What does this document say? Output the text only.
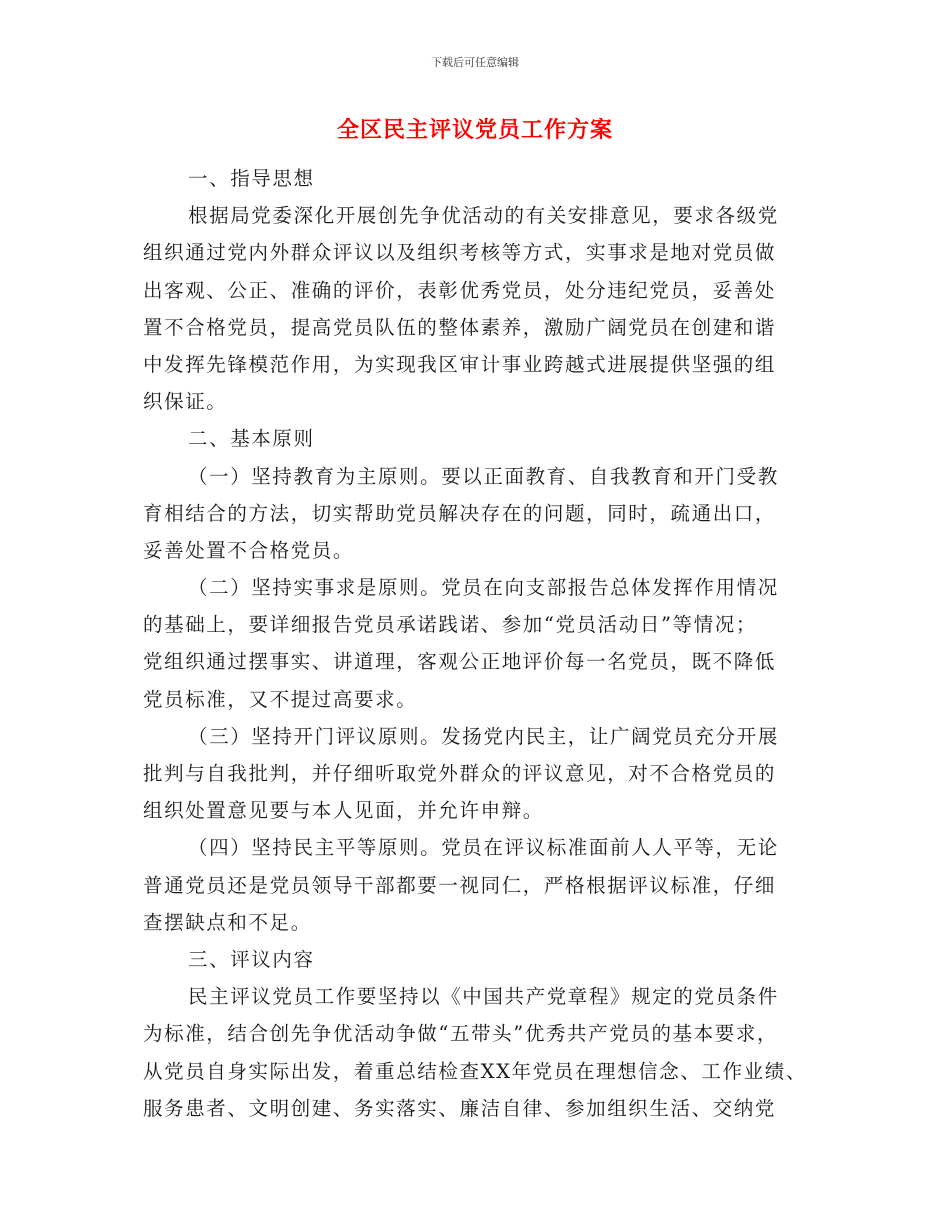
下载后可任意编辑
全区民主评议党员工作方案
一、指导思想
根据局党委深化开展创先争优活动的有关安排意见，要求各级党
组织通过党内外群众评议以及组织考核等方式，实事求是地对党员做
出客观、公正、准确的评价，表彰优秀党员，处分违纪党员，妥善处
置不合格党员，提高党员队伍的整体素养，激励广阔党员在创建和谐
中发挥先锋模范作用，为实现我区审计事业跨越式进展提供坚强的组
织保证。
二、基本原则
（一）坚持教育为主原则。要以正面教育、自我教育和开门受教
育相结合的方法，切实帮助党员解决存在的问题，同时，疏通出口，
妥善处置不合格党员。
（二）坚持实事求是原则。党员在向支部报告总体发挥作用情况
的基础上，要详细报告党员承诺践诺、参加“党员活动日”等情况；
党组织通过摆事实、讲道理，客观公正地评价每一名党员，既不降低
党员标准，又不提过高要求。
（三）坚持开门评议原则。发扬党内民主，让广阔党员充分开展
批判与自我批判，并仔细听取党外群众的评议意见，对不合格党员的
组织处置意见要与本人见面，并允许申辩。
（四）坚持民主平等原则。党员在评议标准面前人人平等，无论
普通党员还是党员领导干部都要一视同仁，严格根据评议标准，仔细
查摆缺点和不足。
三、评议内容
民主评议党员工作要坚持以《中国共产党章程》规定的党员条件
为标准，结合创先争优活动争做“五带头”优秀共产党员的基本要求，
从党员自身实际出发，着重总结检查XX年党员在理想信念、工作业绩、
服务患者、文明创建、务实落实、廉洁自律、参加组织生活、交纳党
